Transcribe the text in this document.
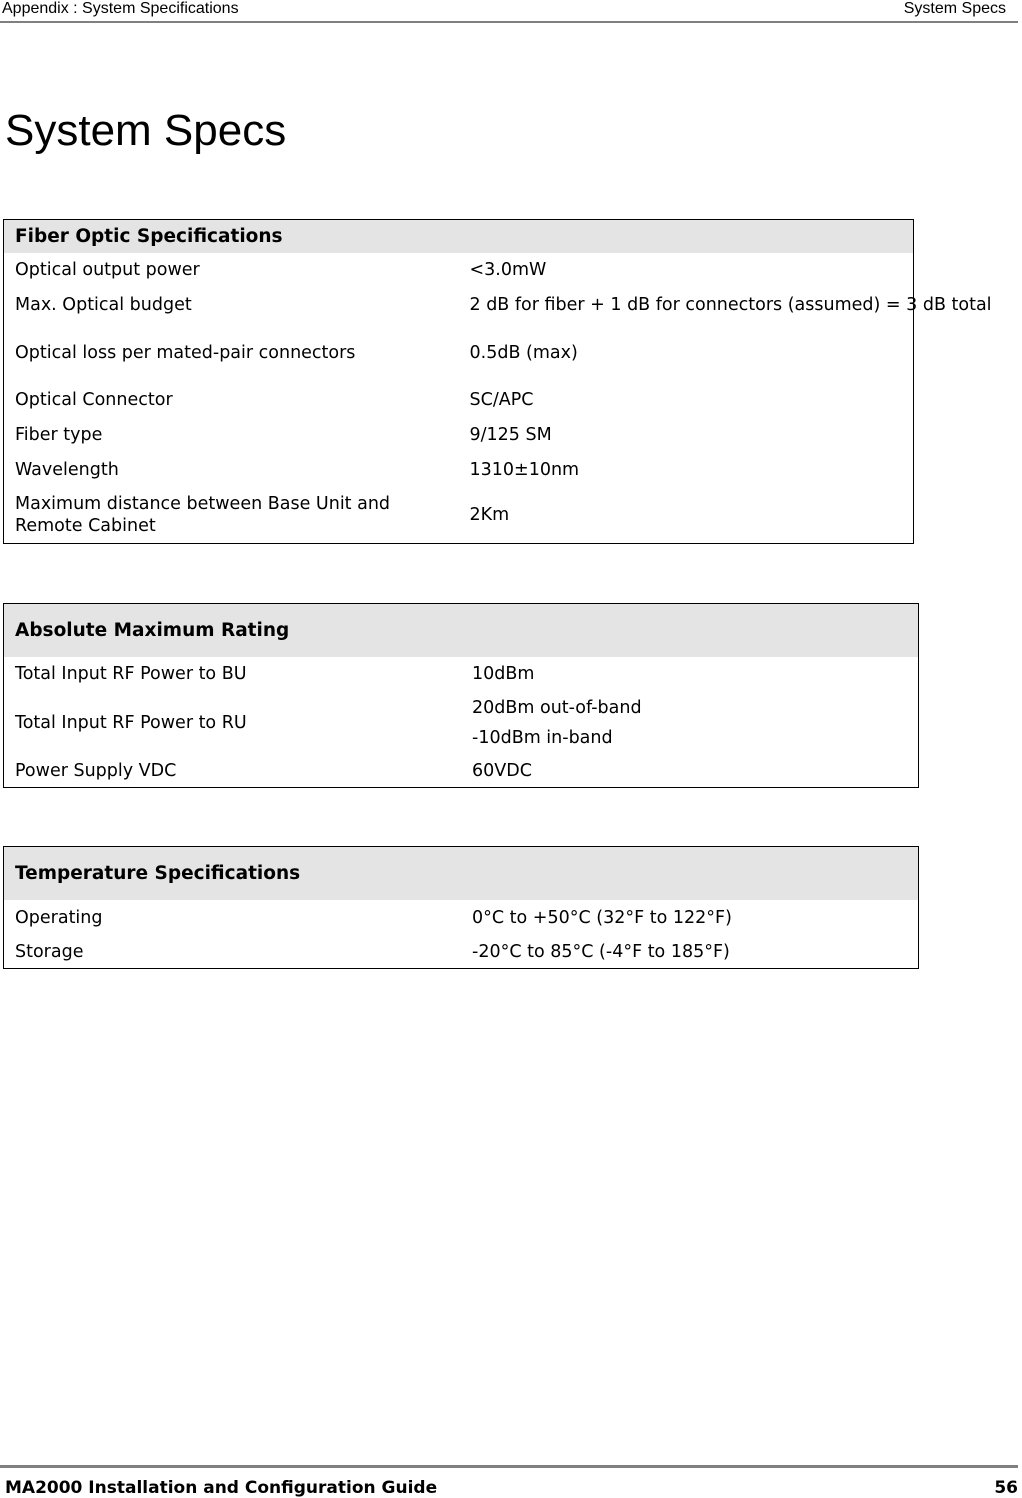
Appendix : System Specifications	System Specs
System Specs
Fiber Optic Specifications	
Optical output power	<3.0mW
Max. Optical budget	2 dB for fiber + 1 dB for connectors (assumed) = 3 dB total
Optical loss per mated-pair connectors	0.5dB (max)
Optical Connector	SC/APC
Fiber type	9/125 SM
Wavelength	1310±10nm
Maximum distance between Base Unit and Remote Cabinet	2Km
Absolute Maximum Rating	
Total Input RF Power to BU	10dBm
Total Input RF Power to RU	20dBm out-of-band
-10dBm in-band

Power Supply VDC	60VDC
Temperature Specifications	
Operating	0°C to +50°C (32°F to 122°F)
Storage	-20°C to 85°C (-4°F to 185°F)
MA2000 Installation and Configuration Guide	56
